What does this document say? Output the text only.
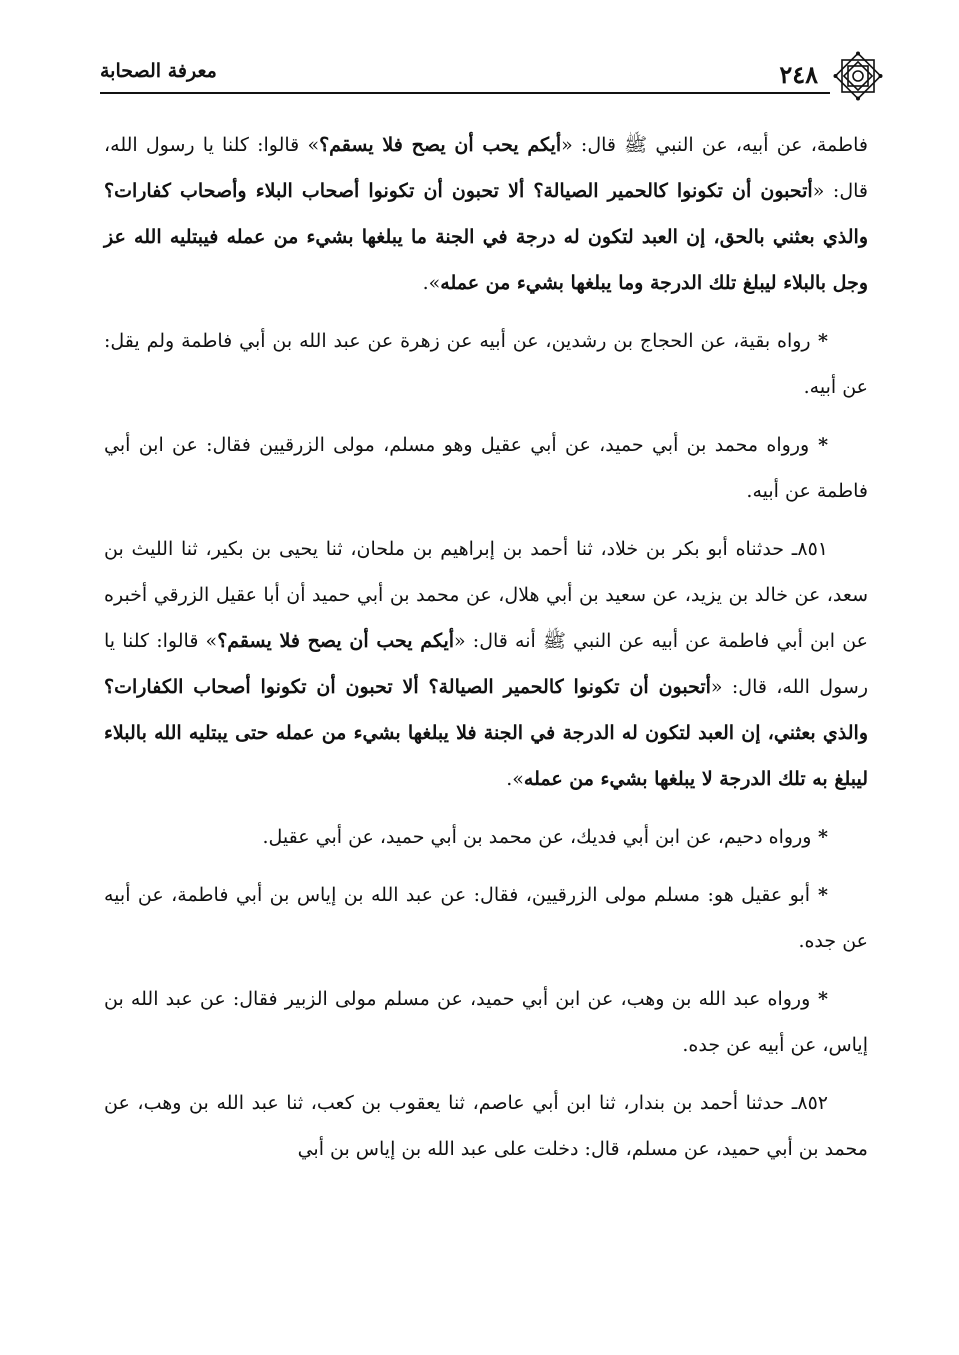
٢٤٨
معرفة الصحابة

فاطمة، عن أبيه، عن النبي ﷺ قال: «أيكم يحب أن يصح فلا يسقم؟» قالوا: كلنا يا رسول الله، قال: «أتحبون أن تكونوا كالحمير الصيالة؟ ألا تحبون أن تكونوا أصحاب البلاء وأصحاب كفارات؟ والذي بعثني بالحق، إن العبد لتكون له درجة في الجنة ما يبلغها بشيء من عمله فيبتليه الله عز وجل بالبلاء ليبلغ تلك الدرجة وما يبلغها بشيء من عمله».

* رواه بقية، عن الحجاج بن رشدين، عن أبيه عن زهرة عن عبد الله بن أبي فاطمة ولم يقل: عن أبيه.

* ورواه محمد بن أبي حميد، عن أبي عقيل وهو مسلم، مولى الزرقيين فقال: عن ابن أبي فاطمة عن أبيه.

٨٥١ـ حدثناه أبو بكر بن خلاد، ثنا أحمد بن إبراهيم بن ملحان، ثنا يحيى بن بكير، ثنا الليث بن سعد، عن خالد بن يزيد، عن سعيد بن أبي هلال، عن محمد بن أبي حميد أن أبا عقيل الزرقي أخبره عن ابن أبي فاطمة عن أبيه عن النبي ﷺ أنه قال: «أيكم يحب أن يصح فلا يسقم؟» قالوا: كلنا يا رسول الله، قال: «أتحبون أن تكونوا كالحمير الصيالة؟ ألا تحبون أن تكونوا أصحاب الكفارات؟ والذي بعثني، إن العبد لتكون له الدرجة في الجنة فلا يبلغها بشيء من عمله حتى يبتليه الله بالبلاء ليبلغ به تلك الدرجة لا يبلغها بشيء من عمله».

* ورواه دحيم، عن ابن أبي فديك، عن محمد بن أبي حميد، عن أبي عقيل.

* أبو عقيل هو: مسلم مولى الزرقيين، فقال: عن عبد الله بن إياس بن أبي فاطمة، عن أبيه عن جده.

* ورواه عبد الله بن وهب، عن ابن أبي حميد، عن مسلم مولى الزبير فقال: عن عبد الله بن إياس، عن أبيه عن جده.

٨٥٢ـ حدثنا أحمد بن بندار، ثنا ابن أبي عاصم، ثنا يعقوب بن كعب، ثنا عبد الله بن وهب، عن محمد بن أبي حميد، عن مسلم، قال: دخلت على عبد الله بن إياس بن أبي
